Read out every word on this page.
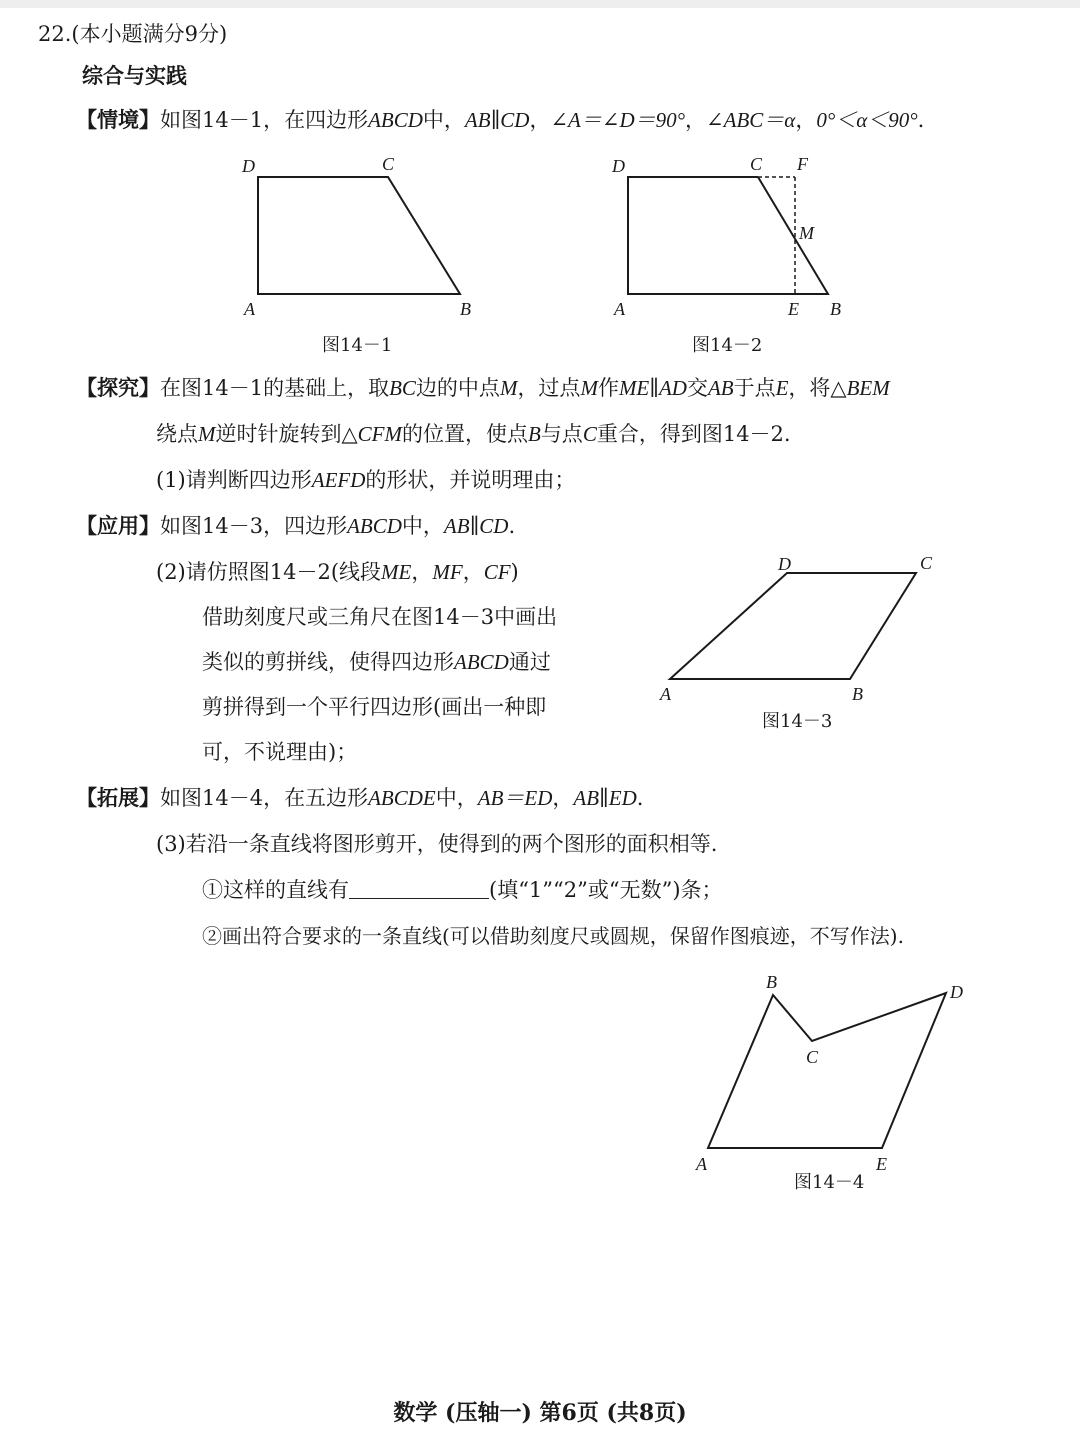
22.(本小题满分9分)
综合与实践
【情境】如图14－1，在四边形ABCD中，AB∥CD，∠A＝∠D＝90°，∠ABC＝α，0°＜α＜90°.
D	C
A	B
图14－1
D	C F
M
A	E B
图14－2
【探究】在图14－1的基础上，取BC边的中点M，过点M作ME∥AD交AB于点E，将△BEM
绕点M逆时针旋转到△CFM的位置，使点B与点C重合，得到图14－2.
(1)请判断四边形AEFD的形状，并说明理由；
【应用】如图14－3，四边形ABCD中，AB∥CD.
(2)请仿照图14－2(线段ME，MF，CF)
借助刻度尺或三角尺在图14－3中画出
类似的剪拼线，使得四边形ABCD通过
剪拼得到一个平行四边形(画出一种即
可，不说理由)；
D	C
A	B
图14－3
【拓展】如图14－4，在五边形ABCDE中，AB＝ED，AB∥ED.
(3)若沿一条直线将图形剪开，使得到的两个图形的面积相等.
①这样的直线有	(填“1”“2”或“无数”)条；
②画出符合要求的一条直线(可以借助刻度尺或圆规，保留作图痕迹，不写作法).
B	D
C
A	E
图14－4
数学 (压轴一) 第6页 (共8页)
